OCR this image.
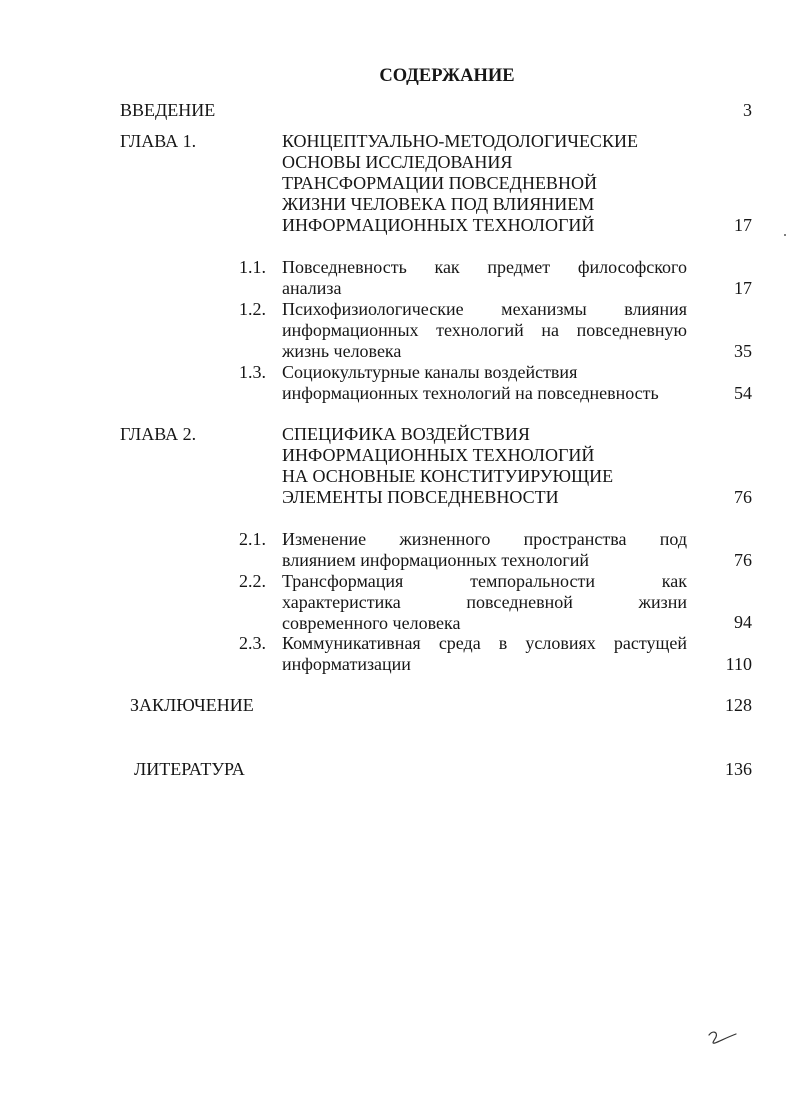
СОДЕРЖАНИЕ
ВВЕДЕНИЕ	3
ГЛАВА 1.	КОНЦЕПТУАЛЬНО-МЕТОДОЛОГИЧЕСКИЕ
ОСНОВЫ ИССЛЕДОВАНИЯ
ТРАНСФОРМАЦИИ ПОВСЕДНЕВНОЙ
ЖИЗНИ ЧЕЛОВЕКА ПОД ВЛИЯНИЕМ
ИНФОРМАЦИОННЫХ ТЕХНОЛОГИЙ	17
1.1. Повседневность как предмет философского
анализа	17
1.2. Психофизиологические механизмы влияния
информационных технологий на повседневную
жизнь человека	35
1.3. Социокультурные каналы воздействия
информационных технологий на повседневность	54
ГЛАВА 2.	СПЕЦИФИКА ВОЗДЕЙСТВИЯ
ИНФОРМАЦИОННЫХ ТЕХНОЛОГИЙ
НА ОСНОВНЫЕ КОНСТИТУИРУЮЩИЕ
ЭЛЕМЕНТЫ ПОВСЕДНЕВНОСТИ	76
2.1. Изменение жизненного пространства под
влиянием информационных технологий	76
2.2. Трансформация темпоральности как
характеристика повседневной жизни
современного человека	94
2.3. Коммуникативная среда в условиях растущей
информатизации	110
ЗАКЛЮЧЕНИЕ	128
ЛИТЕРАТУРА	136
